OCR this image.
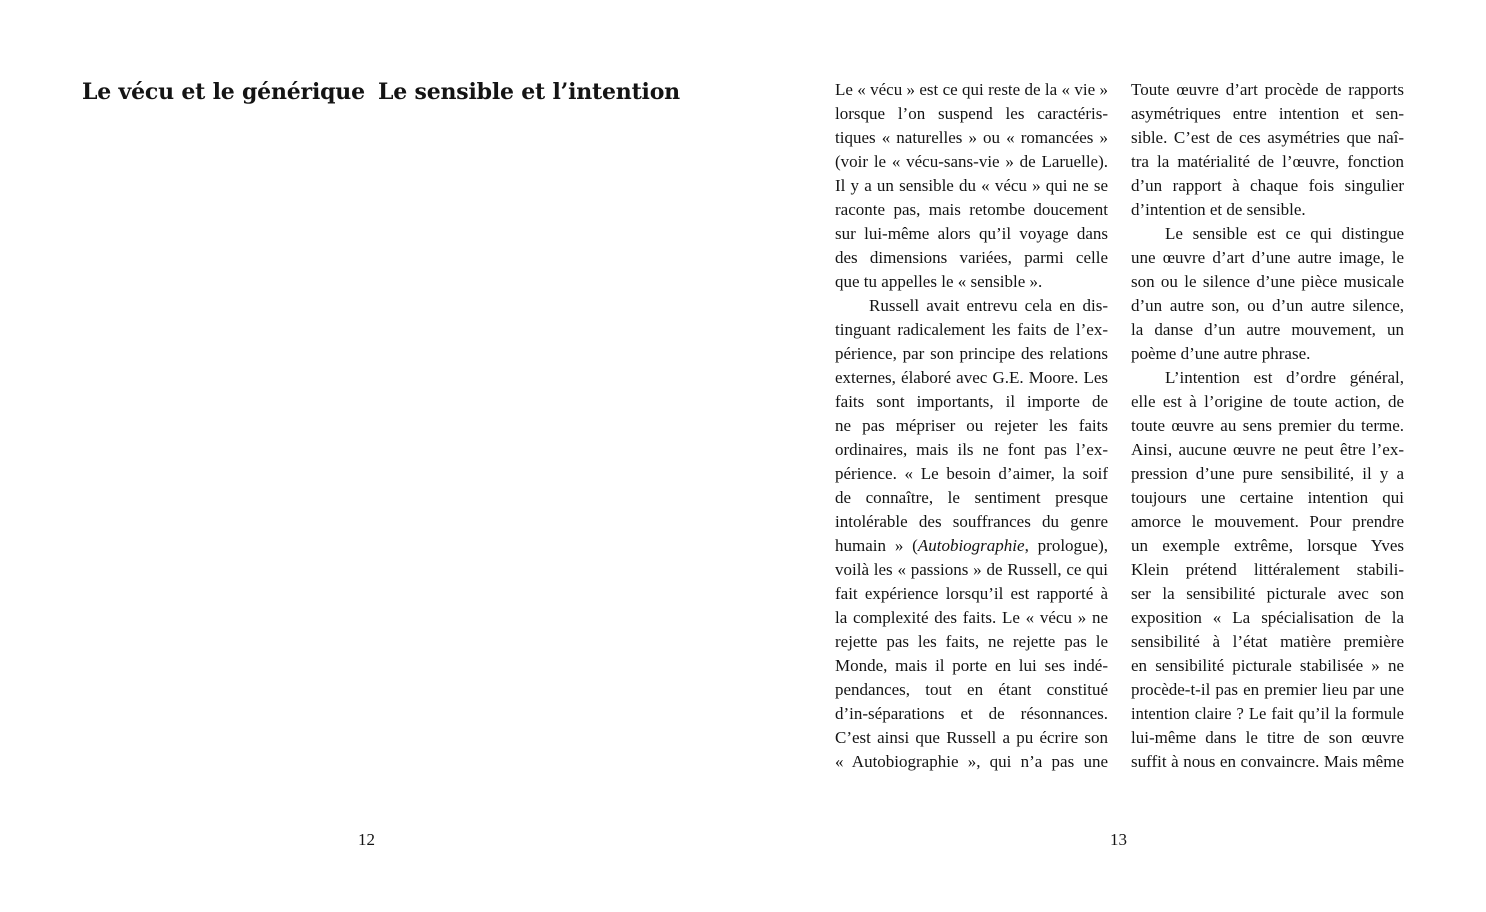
Le vécu et le générique Le sensible et l’intention
12
Le « vécu » est ce qui reste de la « vie »
lorsque l’on suspend les caractéris-
tiques « naturelles » ou « romancées »
(voir le « vécu-sans-vie » de Laruelle).
Il y a un sensible du « vécu » qui ne se
raconte pas, mais retombe doucement
sur lui-même alors qu’il voyage dans
des dimensions variées, parmi celle
que tu appelles le « sensible ».
Russell avait entrevu cela en dis-
tinguant radicalement les faits de l’ex-
périence, par son principe des relations
externes, élaboré avec G.E. Moore. Les
faits sont importants, il importe de
ne pas mépriser ou rejeter les faits
ordinaires, mais ils ne font pas l’ex-
périence. « Le besoin d’aimer, la soif
de connaître, le sentiment presque
intolérable des souffrances du genre
humain » (Autobiographie, prologue),
voilà les « passions » de Russell, ce qui
fait expérience lorsqu’il est rapporté à
la complexité des faits. Le « vécu » ne
rejette pas les faits, ne rejette pas le
Monde, mais il porte en lui ses indé-
pendances, tout en étant constitué
d’in-séparations et de résonnances.
C’est ainsi que Russell a pu écrire son
« Autobiographie », qui n’a pas une
Toute œuvre d’art procède de rapports
asymétriques entre intention et sen-
sible. C’est de ces asymétries que naî-
tra la matérialité de l’œuvre, fonction
d’un rapport à chaque fois singulier
d’intention et de sensible.
Le sensible est ce qui distingue
une œuvre d’art d’une autre image, le
son ou le silence d’une pièce musicale
d’un autre son, ou d’un autre silence,
la danse d’un autre mouvement, un
poème d’une autre phrase.
L’intention est d’ordre général,
elle est à l’origine de toute action, de
toute œuvre au sens premier du terme.
Ainsi, aucune œuvre ne peut être l’ex-
pression d’une pure sensibilité, il y a
toujours une certaine intention qui
amorce le mouvement. Pour prendre
un exemple extrême, lorsque Yves
Klein prétend littéralement stabili-
ser la sensibilité picturale avec son
exposition « La spécialisation de la
sensibilité à l’état matière première
en sensibilité picturale stabilisée » ne
procède-t-il pas en premier lieu par une
intention claire ? Le fait qu’il la formule
lui-même dans le titre de son œuvre
suffit à nous en convaincre. Mais même
13
